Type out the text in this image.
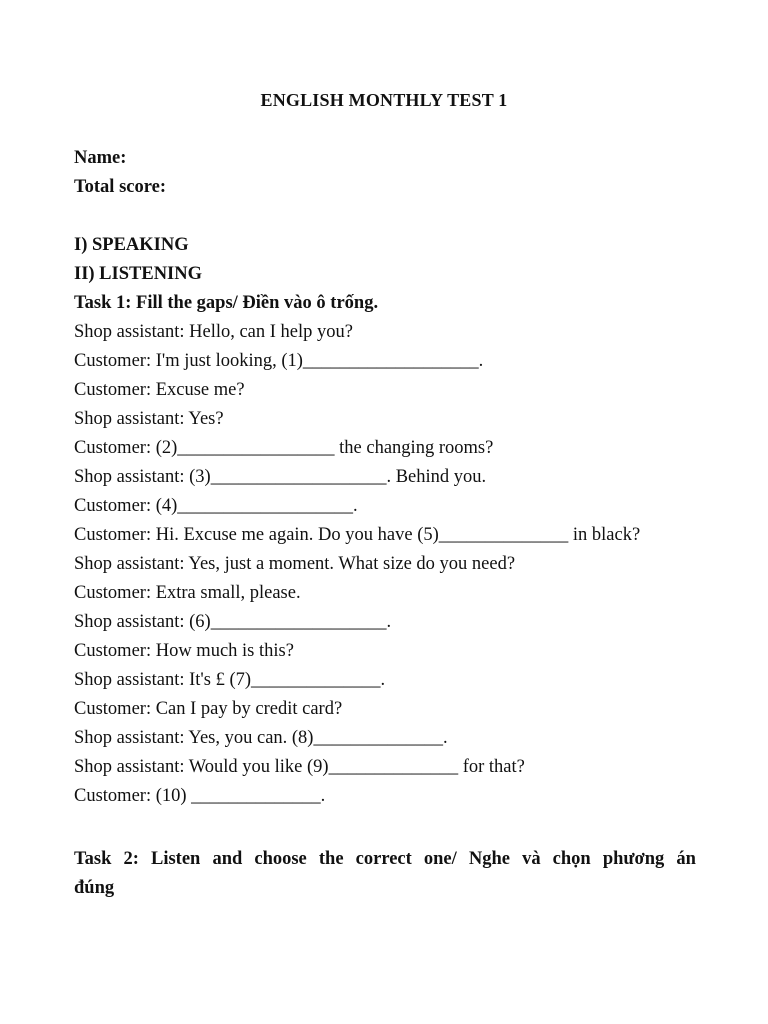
ENGLISH MONTHLY TEST 1
Name:
Total score:
I) SPEAKING
II) LISTENING
Task 1: Fill the gaps/ Điền vào ô trống.
Shop assistant: Hello, can I help you?
Customer: I'm just looking, (1)___________________.
Customer: Excuse me?
Shop assistant: Yes?
Customer: (2)_________________ the changing rooms?
Shop assistant: (3)___________________. Behind you.
Customer: (4)___________________.
Customer: Hi. Excuse me again. Do you have (5)______________ in black?
Shop assistant: Yes, just a moment. What size do you need?
Customer: Extra small, please.
Shop assistant: (6)___________________.
Customer: How much is this?
Shop assistant: It's £ (7)______________.
Customer: Can I pay by credit card?
Shop assistant: Yes, you can. (8)______________.
Shop assistant: Would you like (9)______________ for that?
Customer: (10) ______________.
Task 2: Listen and choose the correct one/ Nghe và chọn phương án
đúng
